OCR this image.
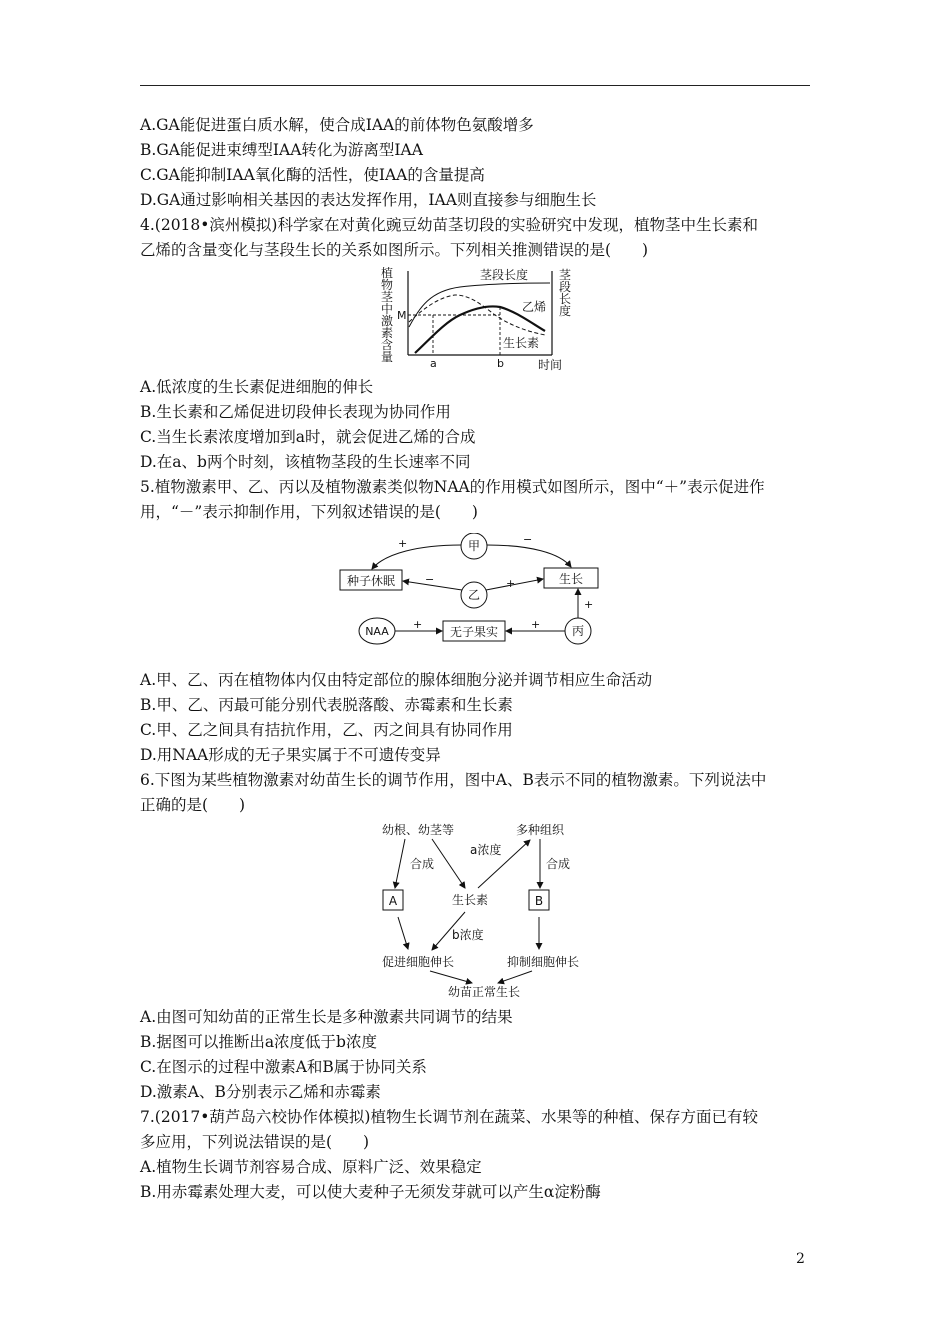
A.GA能促进蛋白质水解，使合成IAA的前体物色氨酸增多
B.GA能促进束缚型IAA转化为游离型IAA
C.GA能抑制IAA氧化酶的活性，使IAA的含量提高
D.GA通过影响相关基因的表达发挥作用，IAA则直接参与细胞生长
4.(2018•滨州模拟)科学家在对黄化豌豆幼苗茎切段的实验研究中发现，植物茎中生长素和
乙烯的含量变化与茎段生长的关系如图所示。下列相关推测错误的是(　　)
植
物
茎
中
激
素
含
量
茎
段
长
度
M
a	b	时间
茎段长度
乙烯
生长素
A.低浓度的生长素促进细胞的伸长
B.生长素和乙烯促进切段伸长表现为协同作用
C.当生长素浓度增加到a时，就会促进乙烯的合成
D.在a、b两个时刻，该植物茎段的生长速率不同
5.植物激素甲、乙、丙以及植物激素类似物NAA的作用模式如图所示，图中“＋”表示促进作
用，“－”表示抑制作用，下列叙述错误的是(　　)
甲
种子休眠	生长
乙
NAA	无子果实	丙
+	−
−	+
+	+
+
A.甲、乙、丙在植物体内仅由特定部位的腺体细胞分泌并调节相应生命活动
B.甲、乙、丙最可能分别代表脱落酸、赤霉素和生长素
C.甲、乙之间具有拮抗作用，乙、丙之间具有协同作用
D.用NAA形成的无子果实属于不可遗传变异
6.下图为某些植物激素对幼苗生长的调节作用，图中A、B表示不同的植物激素。下列说法中
正确的是(　　)
幼根、幼茎等	多种组织
A	生长素	B
促进细胞伸长	抑制细胞伸长
幼苗正常生长
合成
a浓度
合成
b浓度
A.由图可知幼苗的正常生长是多种激素共同调节的结果
B.据图可以推断出a浓度低于b浓度
C.在图示的过程中激素A和B属于协同关系
D.激素A、B分别表示乙烯和赤霉素
7.(2017•葫芦岛六校协作体模拟)植物生长调节剂在蔬菜、水果等的种植、保存方面已有较
多应用，下列说法错误的是(　　)
A.植物生长调节剂容易合成、原料广泛、效果稳定
B.用赤霉素处理大麦，可以使大麦种子无须发芽就可以产生α淀粉酶
2
